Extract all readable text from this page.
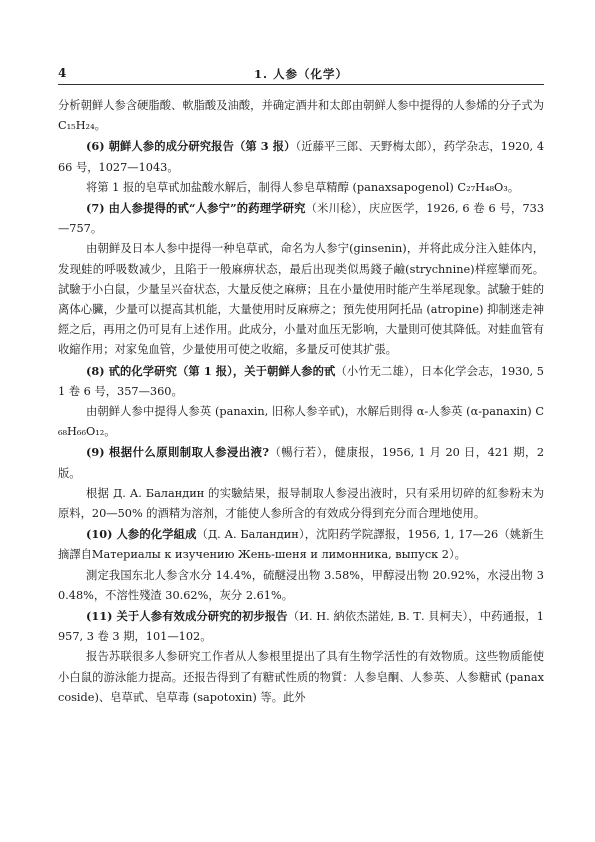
4	1. 人参（化学）

分析朝鲜人参含硬脂酸、軟脂酸及油酸，并确定酒井和太郎由朝鲜人参中提得的人参烯的分子式为 C₁₅H₂₄。

(6) 朝鲜人参的成分研究报告（第 3 报）（近藤平三郎、天野梅太郎），药学杂志，1920, 466 号，1027—1043。

将第 1 报的皂草甙加盐酸水解后，制得人参皂草精醇 (panaxsapogenol) C₂₇H₄₈O₃。

(7) 由人参提得的甙“人参宁”的药理学研究（米川稔），庆应医学，1926, 6 卷 6 号，733—757。

由朝鲜及日本人参中提得一种皂草甙，命名为人参宁(ginsenin)，并将此成分注入蛙体内，发现蛙的呼吸数减少，且陷于一般麻痹状态，最后出现类似馬錢子鹼(strychnine)样痙攣而死。試驗于小白鼠，少量呈兴奋状态，大量反使之麻痹；且在小量使用时能产生举尾现象。試驗于蛙的离体心臟，少量可以提高其机能，大量使用时反麻痹之；預先使用阿托品 (atropine) 抑制迷走神經之后，再用之仍可見有上述作用。此成分，小量对血压无影响，大量則可使其降低。对蛙血管有收縮作用；对家兔血管，少量使用可使之收縮，多量反可使其扩張。

(8) 甙的化学研究（第 1 报），关于朝鲜人参的甙（小竹无二雄），日本化学会志，1930, 51 卷 6 号，357—360。

由朝鲜人参中提得人参英 (panaxin, 旧称人参辛甙)，水解后則得 α-人参英 (α-panaxin) C₆₈H₆₆O₁₂。

(9) 根据什么原則制取人参浸出液?（暢行若），健康报，1956, 1 月 20 日，421 期，2 版。

根据 Д. А. Баландин 的实驗結果，报导制取人参浸出液时，只有采用切碎的紅参粉末为原料，20—50% 的酒精为溶剂，才能使人参所含的有效成分得到充分而合理地使用。

(10) 人参的化学組成（Д. А. Баландин），沈阳药学院譯报，1956, 1, 17—26（姚新生摘譯自Материалы к изучению Жень-шеня и лимонника, выпуск 2）。

測定我国东北人参含水分 14.4%，硫醚浸出物 3.58%，甲醇浸出物 20.92%，水浸出物 30.48%，不溶性殘渣 30.62%，灰分 2.61%。

(11) 关于人参有效成分研究的初步报告（И. Н. 納依杰諾娃, В. Т. 貝柯夫），中药通报，1957, 3 卷 3 期，101—102。

报告苏联很多人参研究工作者从人参根里提出了具有生物学活性的有效物质。这些物质能使小白鼠的游泳能力提高。还报告得到了有糖甙性质的物質：人参皂酮、人参英、人参糖甙 (panaxcoside)、皂草甙、皂草毒 (sapotoxin) 等。此外
